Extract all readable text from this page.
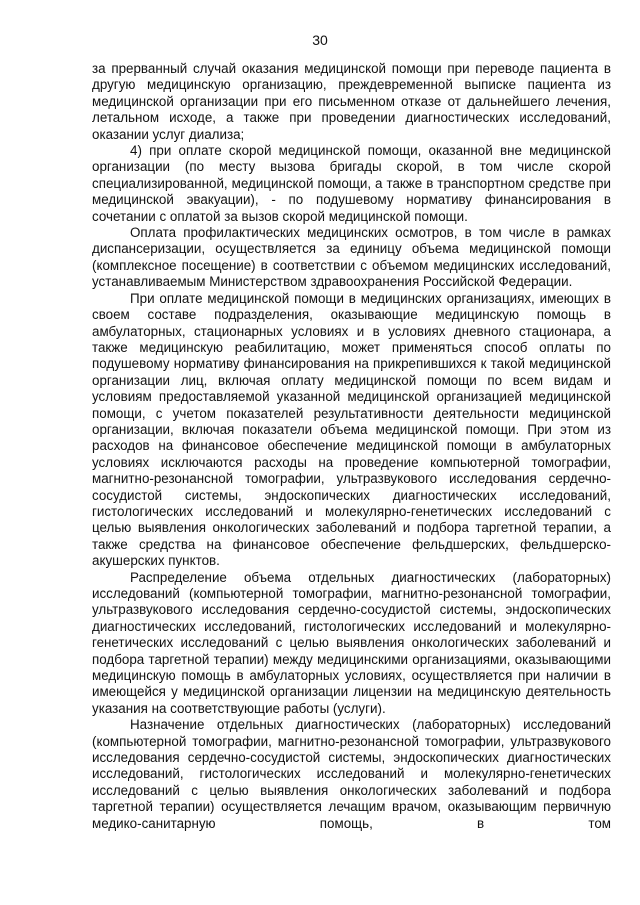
30

за прерванный случай оказания медицинской помощи при переводе пациента в другую медицинскую организацию, преждевременной выписке пациента из медицинской организации при его письменном отказе от дальнейшего лечения, летальном исходе, а также при проведении диагностических исследований, оказании услуг диализа;

4) при оплате скорой медицинской помощи, оказанной вне медицинской организации (по месту вызова бригады скорой, в том числе скорой специализированной, медицинской помощи, а также в транспортном средстве при медицинской эвакуации), - по подушевому нормативу финансирования в сочетании с оплатой за вызов скорой медицинской помощи.

Оплата профилактических медицинских осмотров, в том числе в рамках диспансеризации, осуществляется за единицу объема медицинской помощи (комплексное посещение) в соответствии с объемом медицинских исследований, устанавливаемым Министерством здравоохранения Российской Федерации.

При оплате медицинской помощи в медицинских организациях, имеющих в своем составе подразделения, оказывающие медицинскую помощь в амбулаторных, стационарных условиях и в условиях дневного стационара, а также медицинскую реабилитацию, может применяться способ оплаты по подушевому нормативу финансирования на прикрепившихся к такой медицинской организации лиц, включая оплату медицинской помощи по всем видам и условиям предоставляемой указанной медицинской организацией медицинской помощи, с учетом показателей результативности деятельности медицинской организации, включая показатели объема медицинской помощи. При этом из расходов на финансовое обеспечение медицинской помощи в амбулаторных условиях исключаются расходы на проведение компьютерной томографии, магнитно-резонансной томографии, ультразвукового исследования сердечно-сосудистой системы, эндоскопических диагностических исследований, гистологических исследований и молекулярно-генетических исследований с целью выявления онкологических заболеваний и подбора таргетной терапии, а также средства на финансовое обеспечение фельдшерских, фельдшерско-акушерских пунктов.

Распределение объема отдельных диагностических (лабораторных) исследований (компьютерной томографии, магнитно-резонансной томографии, ультразвукового исследования сердечно-сосудистой системы, эндоскопических диагностических исследований, гистологических исследований и молекулярно-генетических исследований с целью выявления онкологических заболеваний и подбора таргетной терапии) между медицинскими организациями, оказывающими медицинскую помощь в амбулаторных условиях, осуществляется при наличии в имеющейся у медицинской организации лицензии на медицинскую деятельность указания на соответствующие работы (услуги).

Назначение отдельных диагностических (лабораторных) исследований (компьютерной томографии, магнитно-резонансной томографии, ультразвукового исследования сердечно-сосудистой системы, эндоскопических диагностических исследований, гистологических исследований и молекулярно-генетических исследований с целью выявления онкологических заболеваний и подбора таргетной терапии) осуществляется лечащим врачом, оказывающим первичную медико-санитарную помощь, в том
